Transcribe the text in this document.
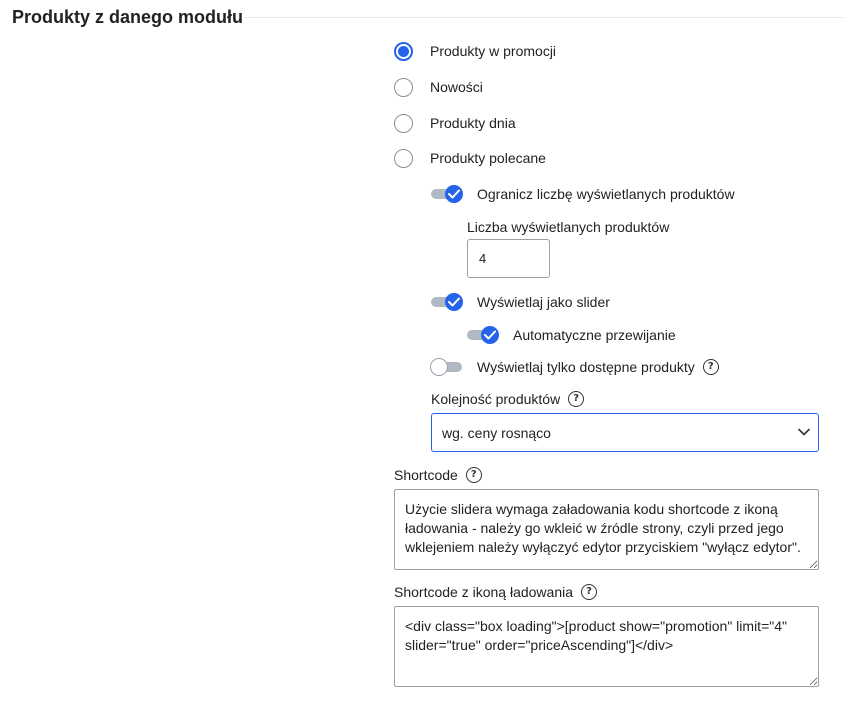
Produkty z danego modułu
Produkty w promocji
Nowości
Produkty dnia
Produkty polecane
Ogranicz liczbę wyświetlanych produktów
Liczba wyświetlanych produktów
4
Wyświetlaj jako slider
Automatyczne przewijanie
Wyświetlaj tylko dostępne produkty ?
Kolejność produktów ?
wg. ceny rosnąco
Shortcode ?
Użycie slidera wymaga załadowania kodu shortcode z ikoną ładowania - należy go wkleić w źródle strony, czyli przed jego wklejeniem należy wyłączyć edytor przyciskiem "wyłącz edytor".
Shortcode z ikoną ładowania ?
<div class="box loading">[product show="promotion" limit="4" slider="true" order="priceAscending"]</div>
